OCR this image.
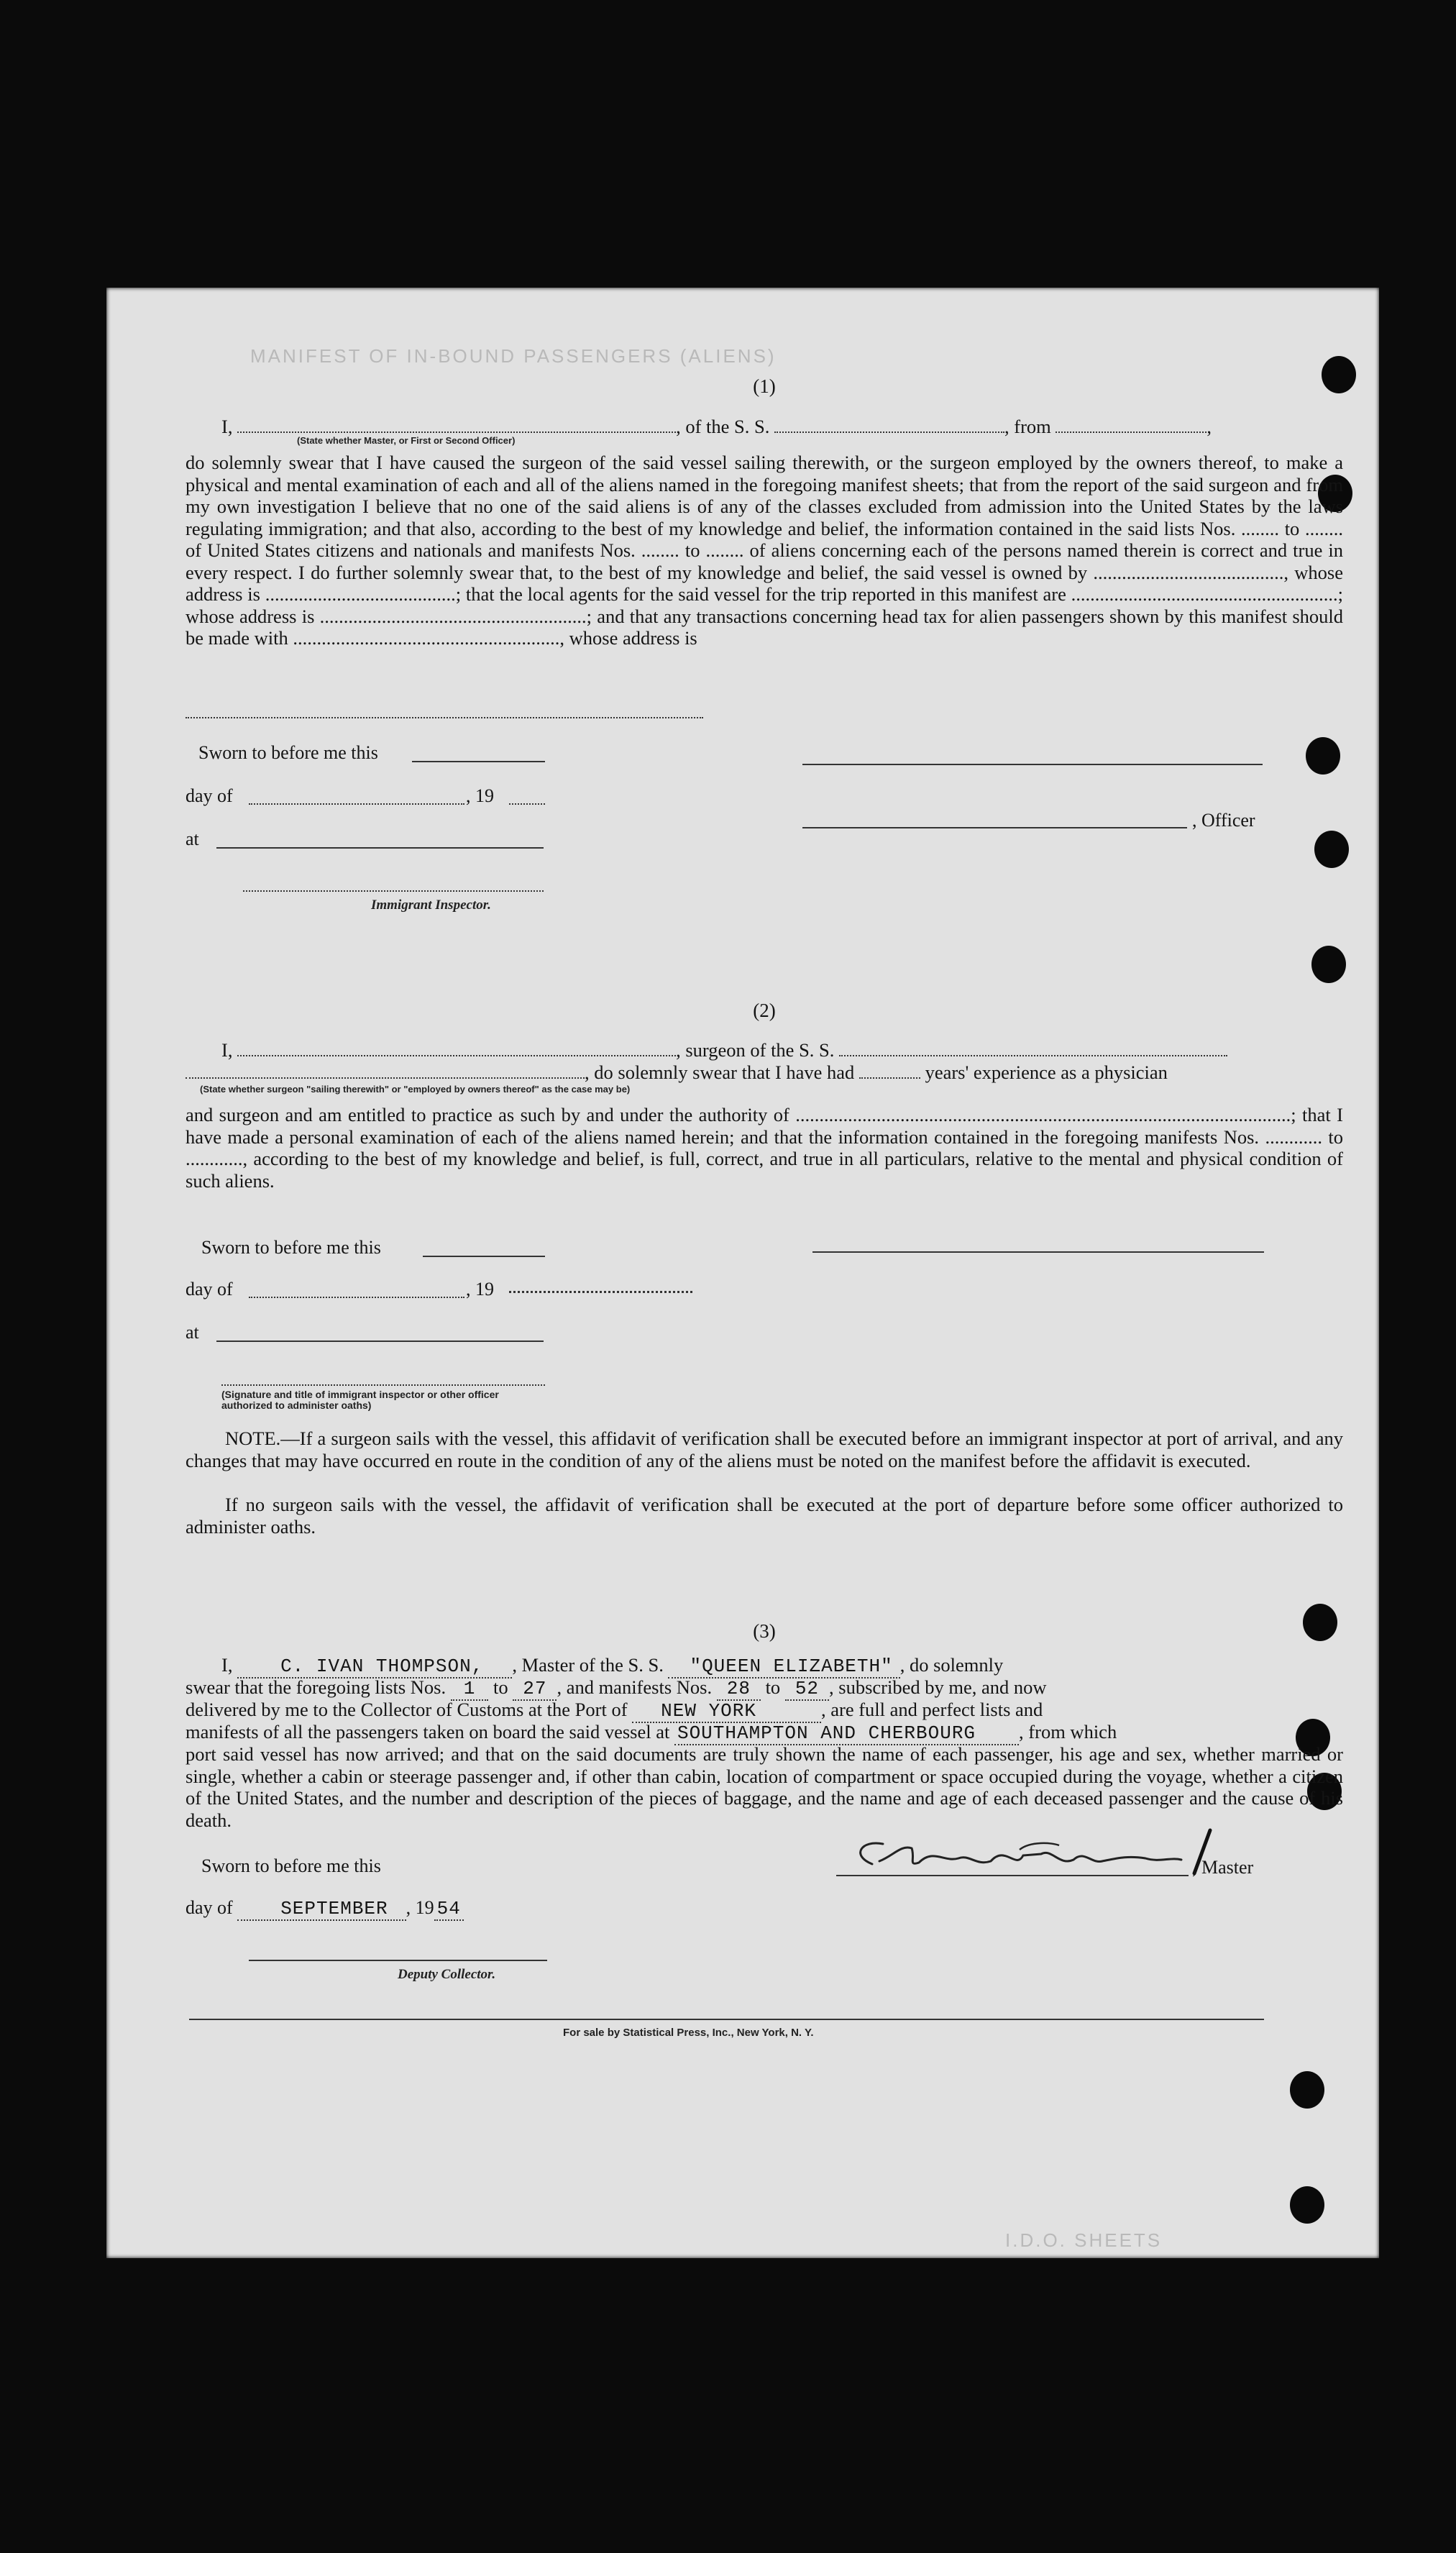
MANIFEST OF IN-BOUND PASSENGERS (ALIENS)
I.D.O. SHEETS
(1)
I,	, of the S. S.	, from	,
(State whether Master, or First or Second Officer)
do solemnly swear that I have caused the surgeon of the said vessel sailing therewith, or the surgeon employed by the owners thereof, to make a physical and mental examination of each and all of the aliens named in the foregoing manifest sheets; that from the report of the said surgeon and from my own investigation I believe that no one of the said aliens is of any of the classes excluded from admission into the United States by the laws regulating immigration; and that also, according to the best of my knowledge and belief, the information contained in the said lists Nos. ........ to ........ of United States citizens and nationals and manifests Nos. ........ to ........ of aliens concerning each of the persons named therein is correct and true in every respect. I do further solemnly swear that, to the best of my knowledge and belief, the said vessel is owned by ........................................, whose address is ........................................; that the local agents for the said vessel for the trip reported in this manifest are ........................................................; whose address is ........................................................; and that any transactions concerning head tax for alien passengers shown by this manifest should be made with ........................................................, whose address is
Sworn to before me this
day of	, 19
, Officer
at
Immigrant Inspector.
(2)
I,	, surgeon of the S. S.
, do solemnly swear that I have had	years' experience as a physician
(State whether surgeon "sailing therewith" or "employed by owners thereof" as the case may be)
and surgeon and am entitled to practice as such by and under the authority of ........................................................................................................; that I have made a personal examination of each of the aliens named herein; and that the information contained in the foregoing manifests Nos. ............ to ............, according to the best of my knowledge and belief, is full, correct, and true in all particulars, relative to the mental and physical condition of such aliens.
Sworn to before me this
day of	, 19
at
(Signature and title of immigrant inspector or other officer authorized to administer oaths)
NOTE.—If a surgeon sails with the vessel, this affidavit of verification shall be executed before an immigrant inspector at port of arrival, and any changes that may have occurred en route in the condition of any of the aliens must be noted on the manifest before the affidavit is executed.
If no surgeon sails with the vessel, the affidavit of verification shall be executed at the port of departure before some officer authorized to administer oaths.
(3)
I,	C. IVAN THOMPSON, , Master of the S. S. "QUEEN ELIZABETH" , do solemnly
swear that the foregoing lists Nos. 1 to 27 , and manifests Nos. 28 to 52 , subscribed by me, and now
delivered by me to the Collector of Customs at the Port of NEW YORK	, are full and perfect lists and
manifests of all the passengers taken on board the said vessel at SOUTHAMPTON AND CHERBOURG , from which
port said vessel has now arrived; and that on the said documents are truly shown the name of each passenger, his age and sex, whether married or single, whether a cabin or steerage passenger and, if other than cabin, location of compartment or space occupied during the voyage, whether a citizen of the United States, and the number and description of the pieces of baggage, and the name and age of each deceased passenger and the cause of his death.
Sworn to before me this	, Master
day of	SEPTEMBER , 19 54
Deputy Collector.
For sale by Statistical Press, Inc., New York, N. Y.
